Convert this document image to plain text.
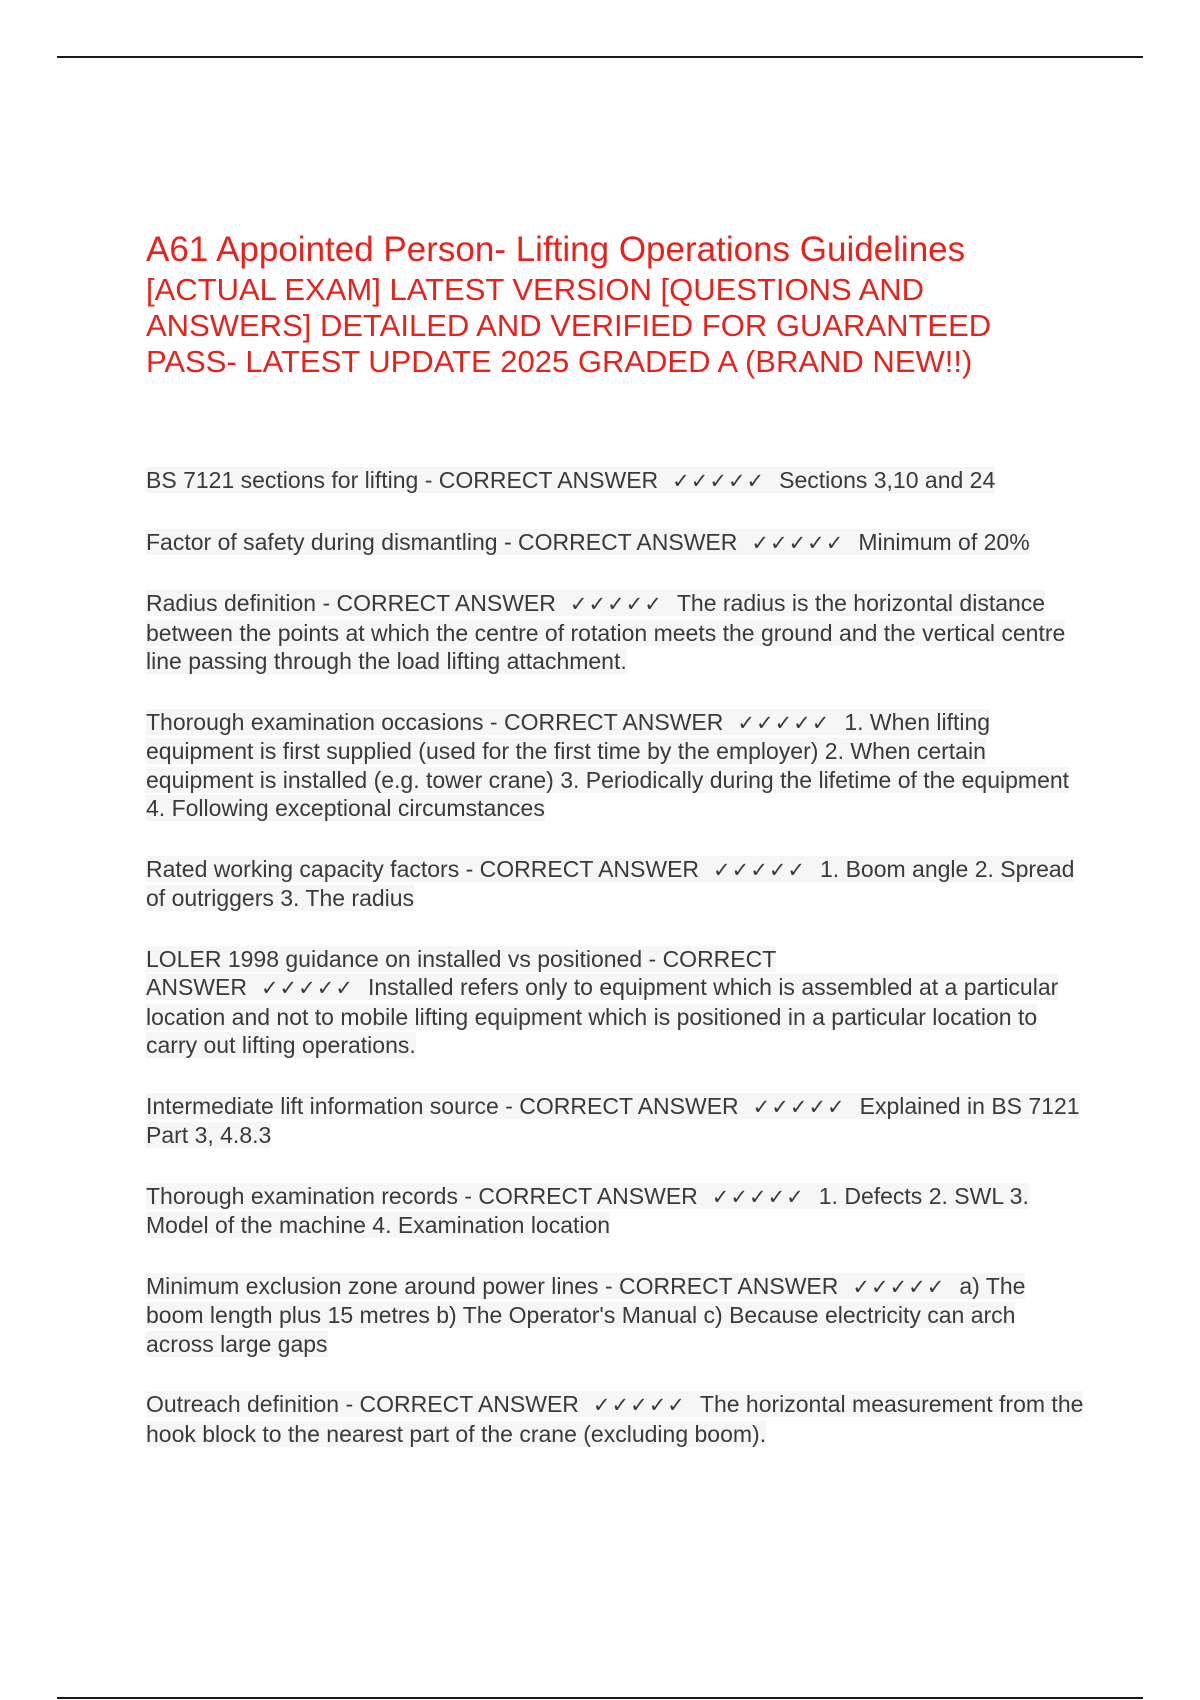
A61 Appointed Person- Lifting Operations Guidelines
[ACTUAL EXAM] LATEST VERSION [QUESTIONS AND ANSWERS] DETAILED AND VERIFIED FOR GUARANTEED PASS- LATEST UPDATE 2025 GRADED A (BRAND NEW!!)

BS 7121 sections for lifting - CORRECT ANSWER ✓✓✓✓✓ Sections 3,10 and 24

Factor of safety during dismantling - CORRECT ANSWER ✓✓✓✓✓ Minimum of 20%

Radius definition - CORRECT ANSWER ✓✓✓✓✓ The radius is the horizontal distance between the points at which the centre of rotation meets the ground and the vertical centre line passing through the load lifting attachment.

Thorough examination occasions - CORRECT ANSWER ✓✓✓✓✓ 1. When lifting equipment is first supplied (used for the first time by the employer) 2. When certain equipment is installed (e.g. tower crane) 3. Periodically during the lifetime of the equipment 4. Following exceptional circumstances

Rated working capacity factors - CORRECT ANSWER ✓✓✓✓✓ 1. Boom angle 2. Spread of outriggers 3. The radius

LOLER 1998 guidance on installed vs positioned - CORRECT ANSWER ✓✓✓✓✓ Installed refers only to equipment which is assembled at a particular location and not to mobile lifting equipment which is positioned in a particular location to carry out lifting operations.

Intermediate lift information source - CORRECT ANSWER ✓✓✓✓✓ Explained in BS 7121 Part 3, 4.8.3

Thorough examination records - CORRECT ANSWER ✓✓✓✓✓ 1. Defects 2. SWL 3. Model of the machine 4. Examination location

Minimum exclusion zone around power lines - CORRECT ANSWER ✓✓✓✓✓ a) The boom length plus 15 metres b) The Operator's Manual c) Because electricity can arch across large gaps

Outreach definition - CORRECT ANSWER ✓✓✓✓✓ The horizontal measurement from the hook block to the nearest part of the crane (excluding boom).
